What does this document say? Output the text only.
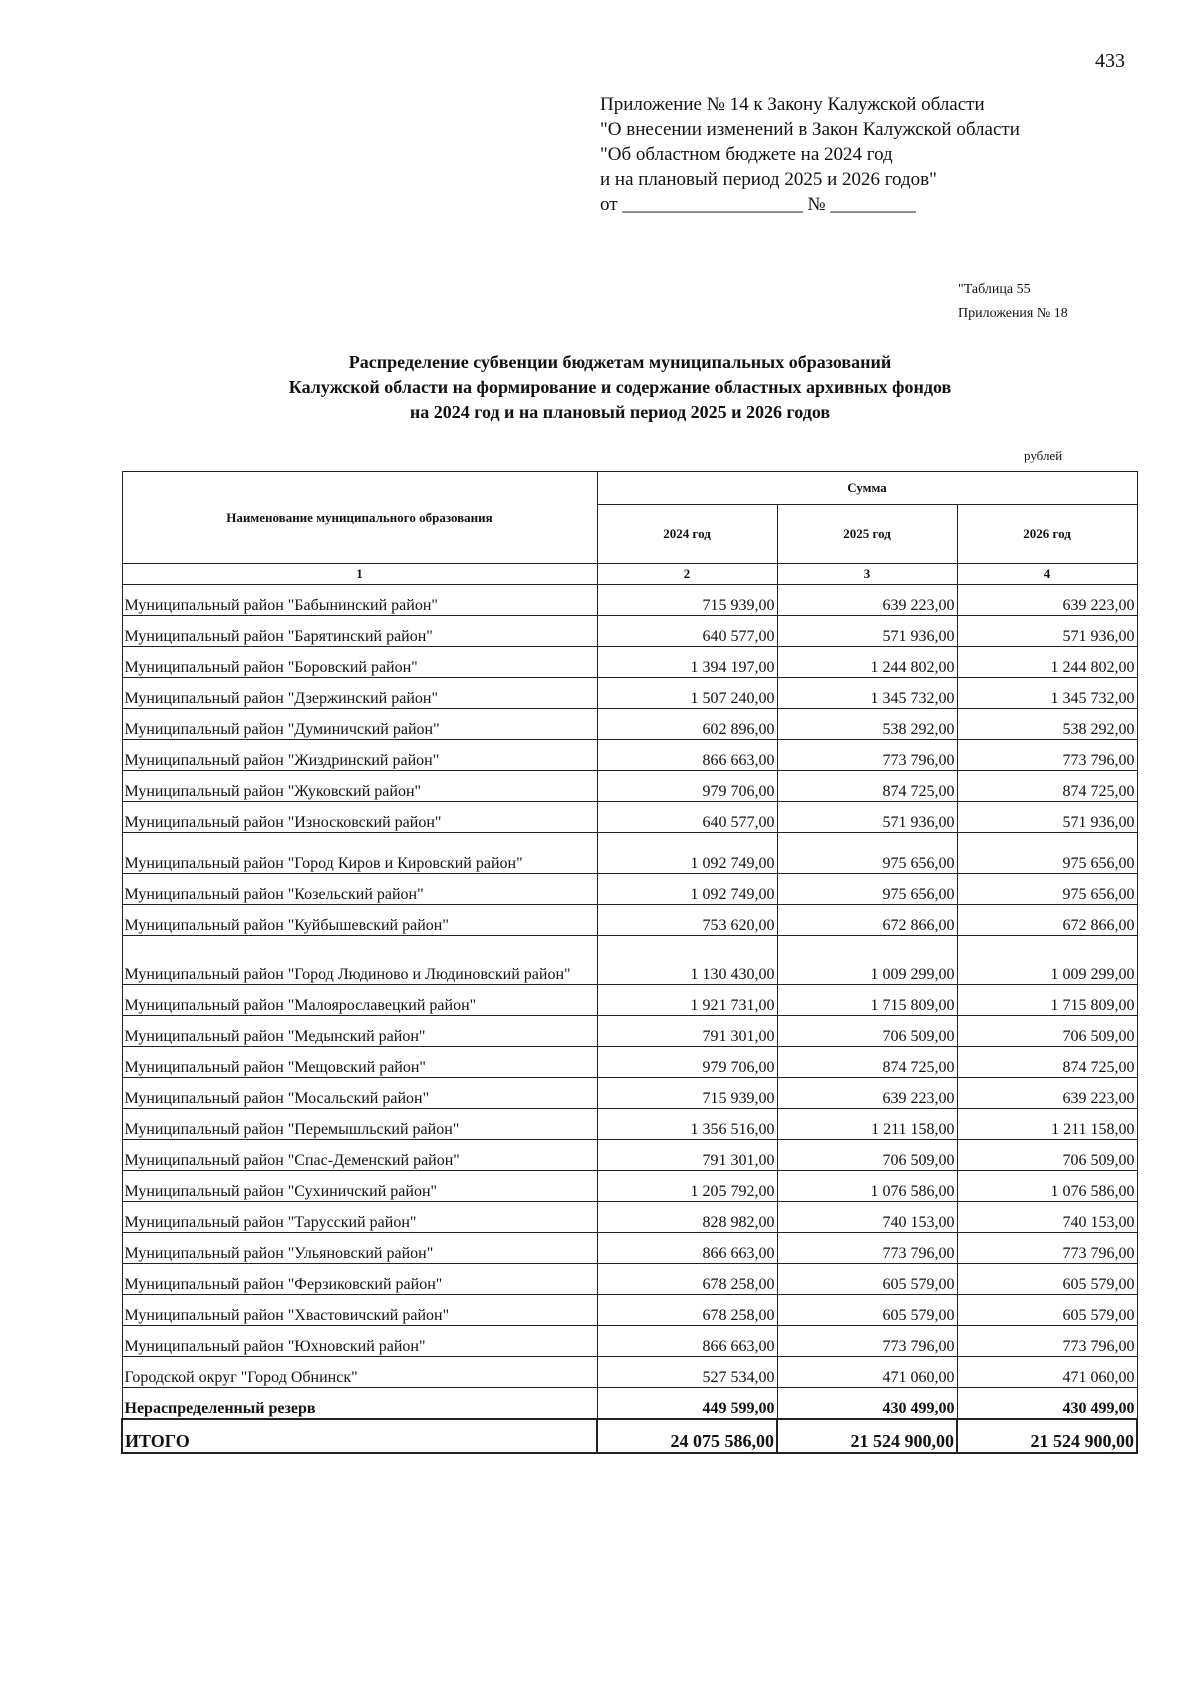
433
Приложение № 14 к Закону Калужской области
"О внесении изменений в Закон Калужской области
"Об областном бюджете на 2024 год
и на плановый период 2025 и 2026 годов"
от ___________________ № _________
"Таблица 55
Приложения № 18
Распределение субвенции бюджетам муниципальных образований
Калужской области на формирование и содержание областных архивных фондов
на 2024 год и на плановый период 2025 и 2026 годов
рублей
Наименование муниципального образования	Сумма		
	2024 год	2025 год	2026 год
1	2	3	4
Муниципальный район "Бабынинский район"	715 939,00	639 223,00	639 223,00
Муниципальный район "Барятинский район"	640 577,00	571 936,00	571 936,00
Муниципальный район "Боровский район"	1 394 197,00	1 244 802,00	1 244 802,00
Муниципальный район "Дзержинский район"	1 507 240,00	1 345 732,00	1 345 732,00
Муниципальный район "Думиничский район"	602 896,00	538 292,00	538 292,00
Муниципальный район "Жиздринский район"	866 663,00	773 796,00	773 796,00
Муниципальный район "Жуковский район"	979 706,00	874 725,00	874 725,00
Муниципальный район "Износковский район"	640 577,00	571 936,00	571 936,00
Муниципальный район "Город Киров и Кировский район"	1 092 749,00	975 656,00	975 656,00
Муниципальный район "Козельский район"	1 092 749,00	975 656,00	975 656,00
Муниципальный район "Куйбышевский район"	753 620,00	672 866,00	672 866,00
Муниципальный район "Город Людиново и Людиновский район"	1 130 430,00	1 009 299,00	1 009 299,00
Муниципальный район "Малоярославецкий район"	1 921 731,00	1 715 809,00	1 715 809,00
Муниципальный район "Медынский район"	791 301,00	706 509,00	706 509,00
Муниципальный район "Мещовский район"	979 706,00	874 725,00	874 725,00
Муниципальный район "Мосальский район"	715 939,00	639 223,00	639 223,00
Муниципальный район "Перемышльский район"	1 356 516,00	1 211 158,00	1 211 158,00
Муниципальный район "Спас-Деменский район"	791 301,00	706 509,00	706 509,00
Муниципальный район "Сухиничский район"	1 205 792,00	1 076 586,00	1 076 586,00
Муниципальный район "Тарусский район"	828 982,00	740 153,00	740 153,00
Муниципальный район "Ульяновский район"	866 663,00	773 796,00	773 796,00
Муниципальный район "Ферзиковский район"	678 258,00	605 579,00	605 579,00
Муниципальный район "Хвастовичский район"	678 258,00	605 579,00	605 579,00
Муниципальный район "Юхновский район"	866 663,00	773 796,00	773 796,00
Городской округ "Город Обнинск"	527 534,00	471 060,00	471 060,00
Нераспределенный резерв	449 599,00	430 499,00	430 499,00
ИТОГО	24 075 586,00	21 524 900,00	21 524 900,00
